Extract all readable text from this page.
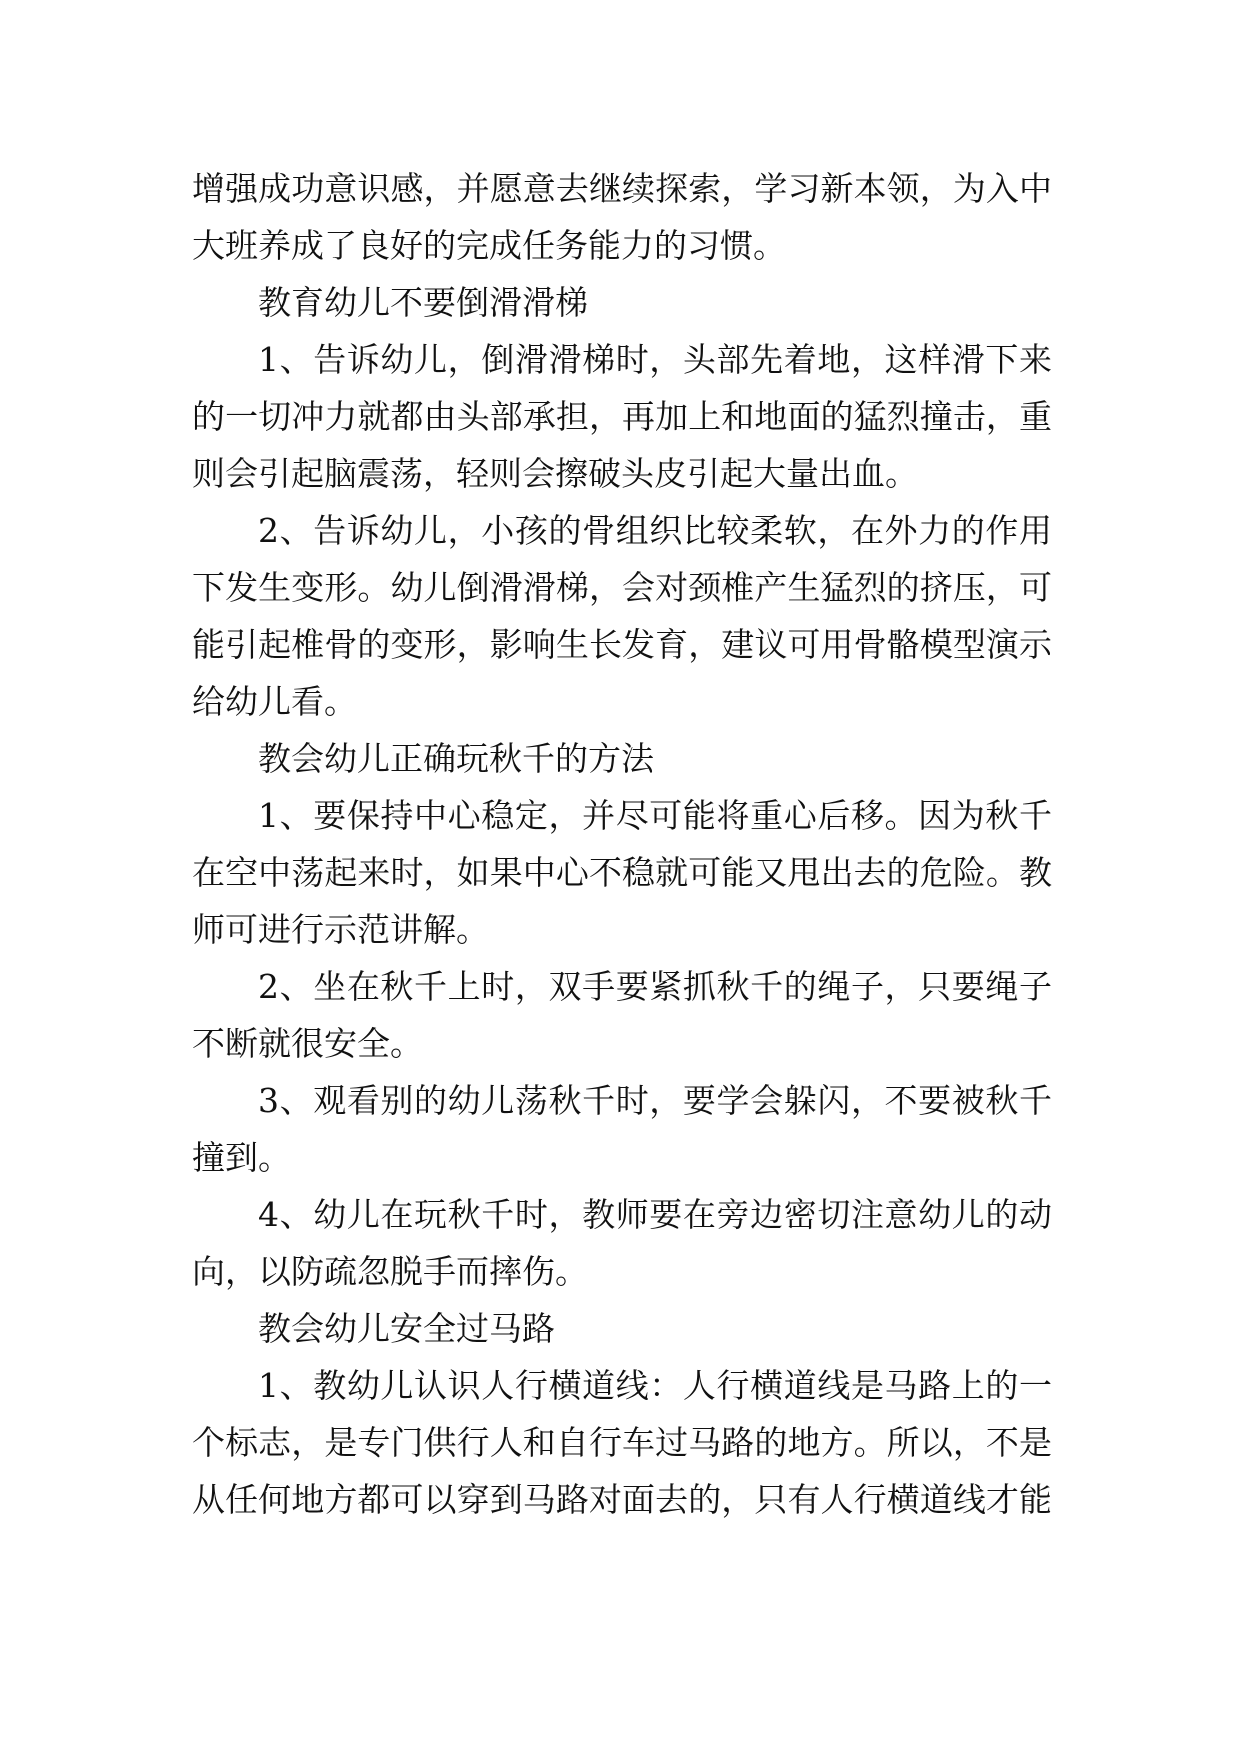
增强成功意识感，并愿意去继续探索，学习新本领，为入中
大班养成了良好的完成任务能力的习惯。
教育幼儿不要倒滑滑梯
1、告诉幼儿，倒滑滑梯时，头部先着地，这样滑下来
的一切冲力就都由头部承担，再加上和地面的猛烈撞击，重
则会引起脑震荡，轻则会擦破头皮引起大量出血。
2、告诉幼儿，小孩的骨组织比较柔软，在外力的作用
下发生变形。幼儿倒滑滑梯，会对颈椎产生猛烈的挤压，可
能引起椎骨的变形，影响生长发育，建议可用骨骼模型演示
给幼儿看。
教会幼儿正确玩秋千的方法
1、要保持中心稳定，并尽可能将重心后移。因为秋千
在空中荡起来时，如果中心不稳就可能又甩出去的危险。教
师可进行示范讲解。
2、坐在秋千上时，双手要紧抓秋千的绳子，只要绳子
不断就很安全。
3、观看别的幼儿荡秋千时，要学会躲闪，不要被秋千
撞到。
4、幼儿在玩秋千时，教师要在旁边密切注意幼儿的动
向，以防疏忽脱手而摔伤。
教会幼儿安全过马路
1、教幼儿认识人行横道线：人行横道线是马路上的一
个标志，是专门供行人和自行车过马路的地方。所以，不是
从任何地方都可以穿到马路对面去的，只有人行横道线才能
